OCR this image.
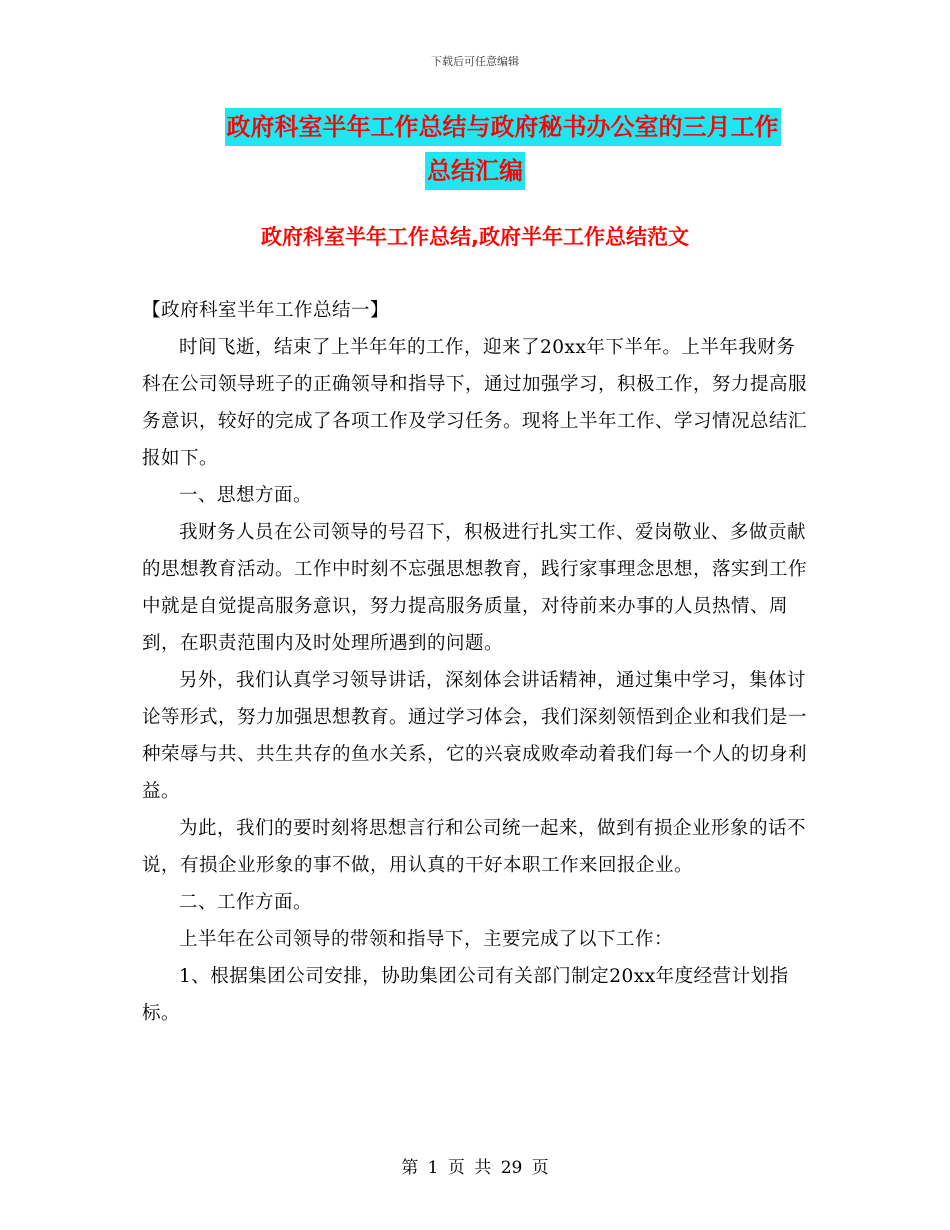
下载后可任意编辑
政府科室半年工作总结与政府秘书办公室的三月工作
总结汇编
政府科室半年工作总结,政府半年工作总结范文

【政府科室半年工作总结一】

时间飞逝，结束了上半年年的工作，迎来了20xx年下半年。上半年我财务科在公司领导班子的正确领导和指导下，通过加强学习，积极工作，努力提高服务意识，较好的完成了各项工作及学习任务。现将上半年工作、学习情况总结汇报如下。

一、思想方面。

我财务人员在公司领导的号召下，积极进行扎实工作、爱岗敬业、多做贡献的思想教育活动。工作中时刻不忘强思想教育，践行家事理念思想，落实到工作中就是自觉提高服务意识，努力提高服务质量，对待前来办事的人员热情、周到，在职责范围内及时处理所遇到的问题。

另外，我们认真学习领导讲话，深刻体会讲话精神，通过集中学习，集体讨论等形式，努力加强思想教育。通过学习体会，我们深刻领悟到企业和我们是一种荣辱与共、共生共存的鱼水关系，它的兴衰成败牵动着我们每一个人的切身利益。

为此，我们的要时刻将思想言行和公司统一起来，做到有损企业形象的话不说，有损企业形象的事不做，用认真的干好本职工作来回报企业。

二、工作方面。

上半年在公司领导的带领和指导下，主要完成了以下工作：

1、根据集团公司安排，协助集团公司有关部门制定20xx年度经营计划指标。

第 1 页 共 29 页
